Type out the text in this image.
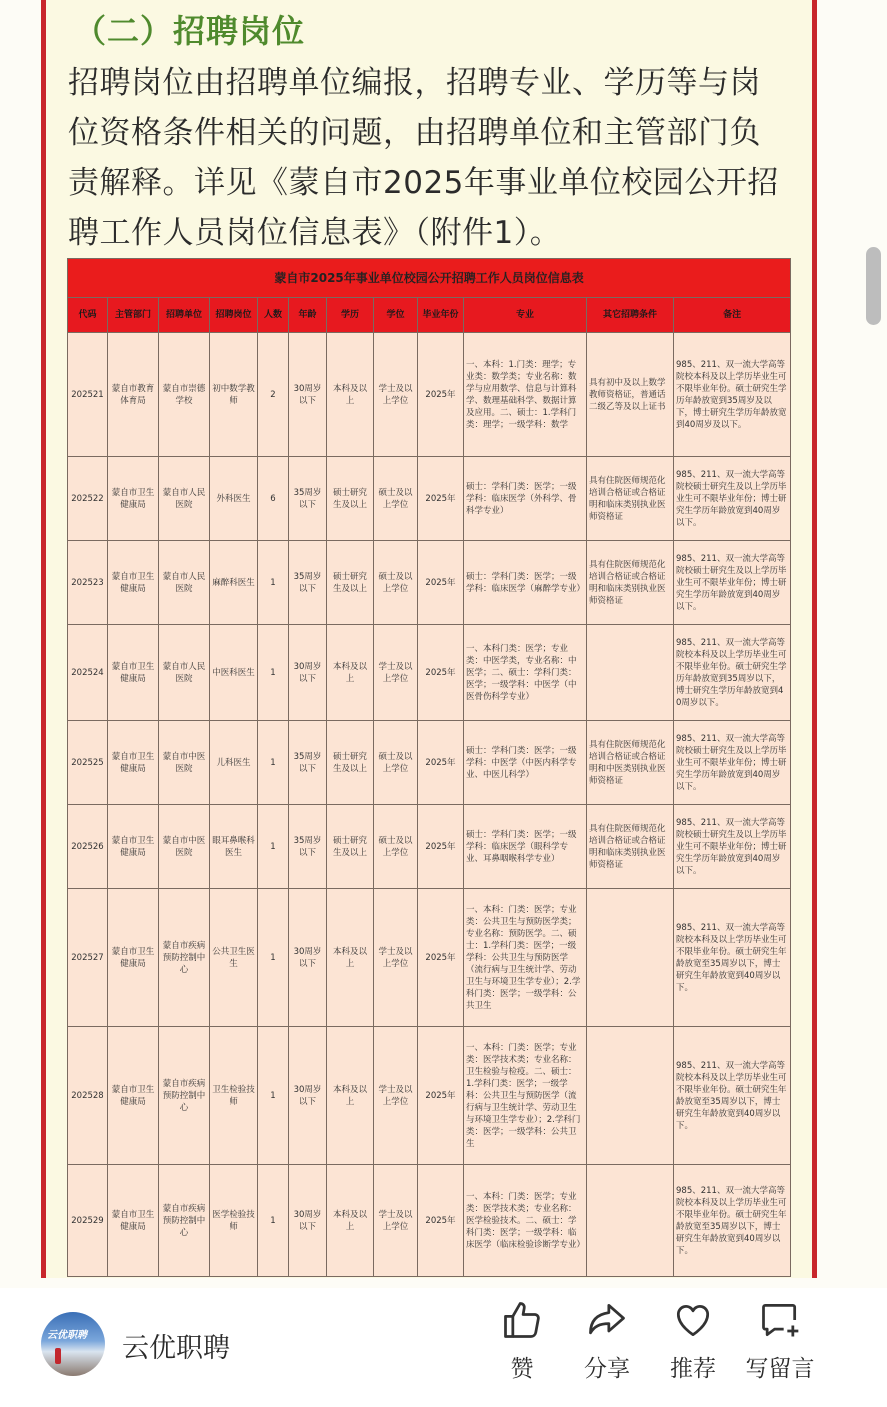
（二）招聘岗位

招聘岗位由招聘单位编报，招聘专业、学历等与岗位资格条件相关的问题，由招聘单位和主管部门负责解释。详见《蒙自市2025年事业单位校园公开招聘工作人员岗位信息表》（附件1）。

蒙自市2025年事业单位校园公开招聘工作人员岗位信息表											
代码	主管部门	招聘单位	招聘岗位	人数	年龄	学历	学位	毕业年份	专业	其它招聘条件	备注
202521	蒙自市教育体育局	蒙自市崇德学校	初中数学教师	2	30周岁以下	本科及以上	学士及以上学位	2025年	一、本科：1.门类：理学；专业类：数学类；专业名称：数学与应用数学、信息与计算科学、数理基础科学、数据计算及应用。二、硕士：1.学科门类：理学；一级学科：数学	具有初中及以上数学教师资格证，普通话二级乙等及以上证书	985、211、双一流大学高等院校本科及以上学历毕业生可不限毕业年份。硕士研究生学历年龄放宽到35周岁及以下，博士研究生学历年龄放宽到40周岁及以下。
202522	蒙自市卫生健康局	蒙自市人民医院	外科医生	6	35周岁以下	硕士研究生及以上	硕士及以上学位	2025年	硕士：学科门类：医学；一级学科：临床医学（外科学、骨科学专业）	具有住院医师规范化培训合格证或合格证明和临床类别执业医师资格证	985、211、双一流大学高等院校硕士研究生及以上学历毕业生可不限毕业年份；博士研究生学历年龄放宽到40周岁以下。
202523	蒙自市卫生健康局	蒙自市人民医院	麻醉科医生	1	35周岁以下	硕士研究生及以上	硕士及以上学位	2025年	硕士：学科门类：医学；一级学科：临床医学（麻醉学专业）	具有住院医师规范化培训合格证或合格证明和临床类别执业医师资格证	985、211、双一流大学高等院校硕士研究生及以上学历毕业生可不限毕业年份；博士研究生学历年龄放宽到40周岁以下。
202524	蒙自市卫生健康局	蒙自市人民医院	中医科医生	1	30周岁以下	本科及以上	学士及以上学位	2025年	一、本科门类：医学；专业类：中医学类，专业名称：中医学；二、硕士：学科门类：医学；一级学科：中医学（中医骨伤科学专业）		985、211、双一流大学高等院校本科及以上学历毕业生可不限毕业年份。硕士研究生学历年龄放宽到35周岁以下，博士研究生学历年龄放宽到40周岁以下。
202525	蒙自市卫生健康局	蒙自市中医医院	儿科医生	1	35周岁以下	硕士研究生及以上	硕士及以上学位	2025年	硕士：学科门类：医学；一级学科：中医学（中医内科学专业、中医儿科学）	具有住院医师规范化培训合格证或合格证明和中医类别执业医师资格证	985、211、双一流大学高等院校硕士研究生及以上学历毕业生可不限毕业年份；博士研究生学历年龄放宽到40周岁以下。
202526	蒙自市卫生健康局	蒙自市中医医院	眼耳鼻喉科医生	1	35周岁以下	硕士研究生及以上	硕士及以上学位	2025年	硕士：学科门类：医学；一级学科：临床医学（眼科学专业、耳鼻咽喉科学专业）	具有住院医师规范化培训合格证或合格证明和临床类别执业医师资格证	985、211、双一流大学高等院校硕士研究生及以上学历毕业生可不限毕业年份；博士研究生学历年龄放宽到40周岁以下。
202527	蒙自市卫生健康局	蒙自市疾病预防控制中心	公共卫生医生	1	30周岁以下	本科及以上	学士及以上学位	2025年	一、本科：门类：医学；专业类：公共卫生与预防医学类；专业名称：预防医学。二、硕士：1.学科门类：医学；一级学科：公共卫生与预防医学（流行病与卫生统计学、劳动卫生与环境卫生学专业）；2.学科门类：医学；一级学科：公共卫生		985、211、双一流大学高等院校本科及以上学历毕业生可不限毕业年份。硕士研究生年龄放宽至35周岁以下，博士研究生年龄放宽到40周岁以下。
202528	蒙自市卫生健康局	蒙自市疾病预防控制中心	卫生检验技师	1	30周岁以下	本科及以上	学士及以上学位	2025年	一、本科：门类：医学；专业类：医学技术类；专业名称：卫生检验与检疫。二、硕士：1.学科门类：医学；一级学科：公共卫生与预防医学（流行病与卫生统计学、劳动卫生与环境卫生学专业）；2.学科门类：医学；一级学科：公共卫生		985、211、双一流大学高等院校本科及以上学历毕业生可不限毕业年份。硕士研究生年龄放宽至35周岁以下，博士研究生年龄放宽到40周岁以下。
202529	蒙自市卫生健康局	蒙自市疾病预防控制中心	医学检验技师	1	30周岁以下	本科及以上	学士及以上学位	2025年	一、本科：门类：医学；专业类：医学技术类；专业名称：医学检验技术。二、硕士：学科门类：医学；一级学科：临床医学（临床检验诊断学专业）		985、211、双一流大学高等院校本科及以上学历毕业生可不限毕业年份。硕士研究生年龄放宽至35周岁以下，博士研究生年龄放宽到40周岁以下。
云优职聘 云优职聘
赞	分享	推荐	写留言
